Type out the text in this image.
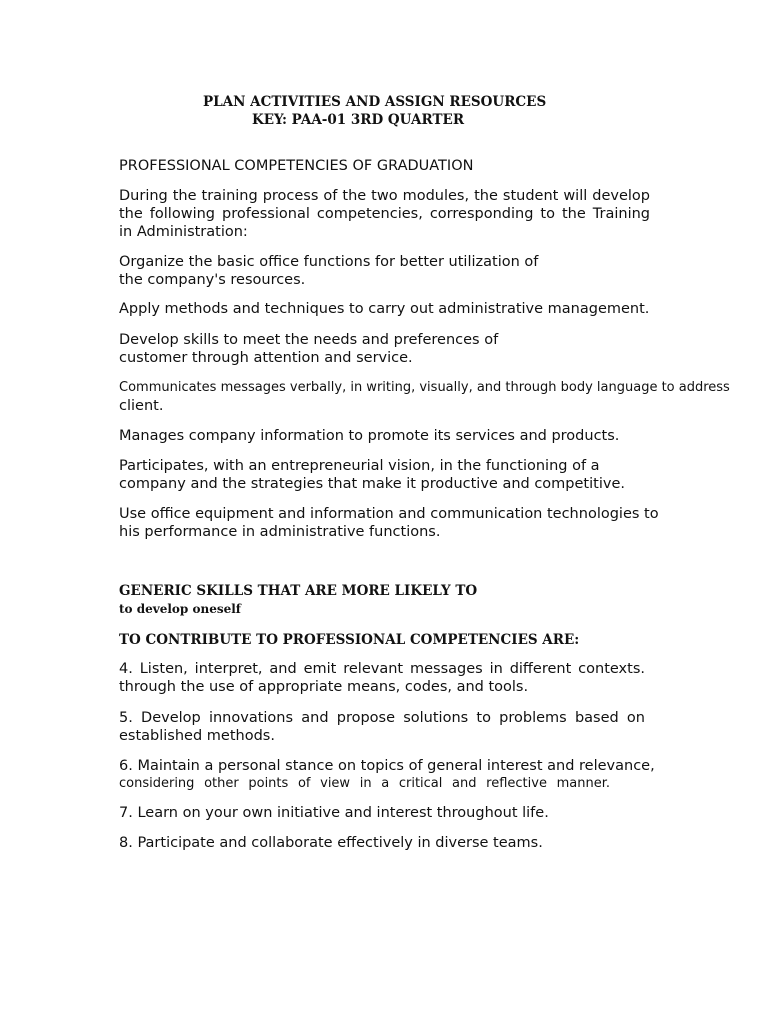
PLAN ACTIVITIES AND ASSIGN RESOURCES
KEY: PAA-01 3RD QUARTER
PROFESSIONAL COMPETENCIES OF GRADUATION
During the training process of the two modules, the student will develop
the following professional competencies, corresponding to the Training
in Administration:
Organize the basic office functions for better utilization of
the company's resources.
Apply methods and techniques to carry out administrative management.
Develop skills to meet the needs and preferences of
customer through attention and service.
Communicates messages verbally, in writing, visually, and through body language to address
client.
Manages company information to promote its services and products.
Participates, with an entrepreneurial vision, in the functioning of a
company and the strategies that make it productive and competitive.
Use office equipment and information and communication technologies to
his performance in administrative functions.
GENERIC SKILLS THAT ARE MORE LIKELY TO
to develop oneself
TO CONTRIBUTE TO PROFESSIONAL COMPETENCIES ARE:
4. Listen, interpret, and emit relevant messages in different contexts.
through the use of appropriate means, codes, and tools.
5. Develop innovations and propose solutions to problems based on
established methods.
6. Maintain a personal stance on topics of general interest and relevance,
considering other points of view in a critical and reflective manner.
7. Learn on your own initiative and interest throughout life.
8. Participate and collaborate effectively in diverse teams.
